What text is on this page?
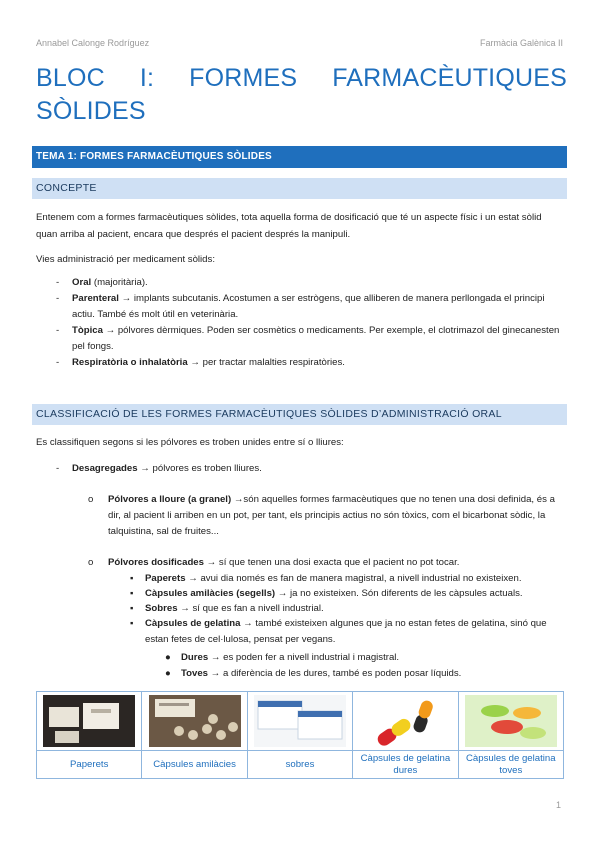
Annabel Calonge Rodríguez	Farmàcia Galènica II
BLOC I: FORMES FARMACÈUTIQUES
SÒLIDES
TEMA 1: FORMES FARMACÈUTIQUES SÒLIDES
CONCEPTE
Entenem com a formes farmacèutiques sòlides, tota aquella forma de dosificació que té un aspecte físic i un estat sòlid quan arriba al pacient, encara que després el pacient després la manipuli.
Vies administració per medicament sòlids:
- Oral (majoritària).
- Parenteral → implants subcutanis. Acostumen a ser estrògens, que alliberen de manera perllongada el principi actiu. També és molt útil en veterinària.
- Tòpica → pólvores dèrmiques. Poden ser cosmètics o medicaments. Per exemple, el clotrimazol del ginecanesten pel fongs.
- Respiratòria o inhalatòria → per tractar malalties respiratòries.
CLASSIFICACIÓ DE LES FORMES FARMACÈUTIQUES SÒLIDES D’ADMINISTRACIÓ ORAL
Es classifiquen segons si les pólvores es troben unides entre sí o lliures:
- Desagregades → pólvores es troben lliures.
o Pólvores a lloure (a granel) →són aquelles formes farmacèutiques que no tenen una dosi definida, és a dir, al pacient li arriben en un pot, per tant, els principis actius no són tòxics, com el bicarbonat sòdic, la talquistina, sal de fruites...
o Pólvores dosificades → sí que tenen una dosi exacta que el pacient no pot tocar.
▪ Paperets → avui dia només es fan de manera magistral, a nivell industrial no existeixen.
▪ Càpsules amilàcies (segells) → ja no existeixen. Són diferents de les càpsules actuals.
▪ Sobres → sí que es fan a nivell industrial.
▪ Càpsules de gelatina → també existeixen algunes que ja no estan fetes de gelatina, sinó que estan fetes de cel·lulosa, pensat per vegans.
● Dures → es poden fer a nivell industrial i magistral.
● Toves → a diferència de les dures, també es poden posar líquids.

Paperets	Càpsules amilàcies	sobres	Càpsules de gelatina dures	Càpsules de gelatina toves
1
